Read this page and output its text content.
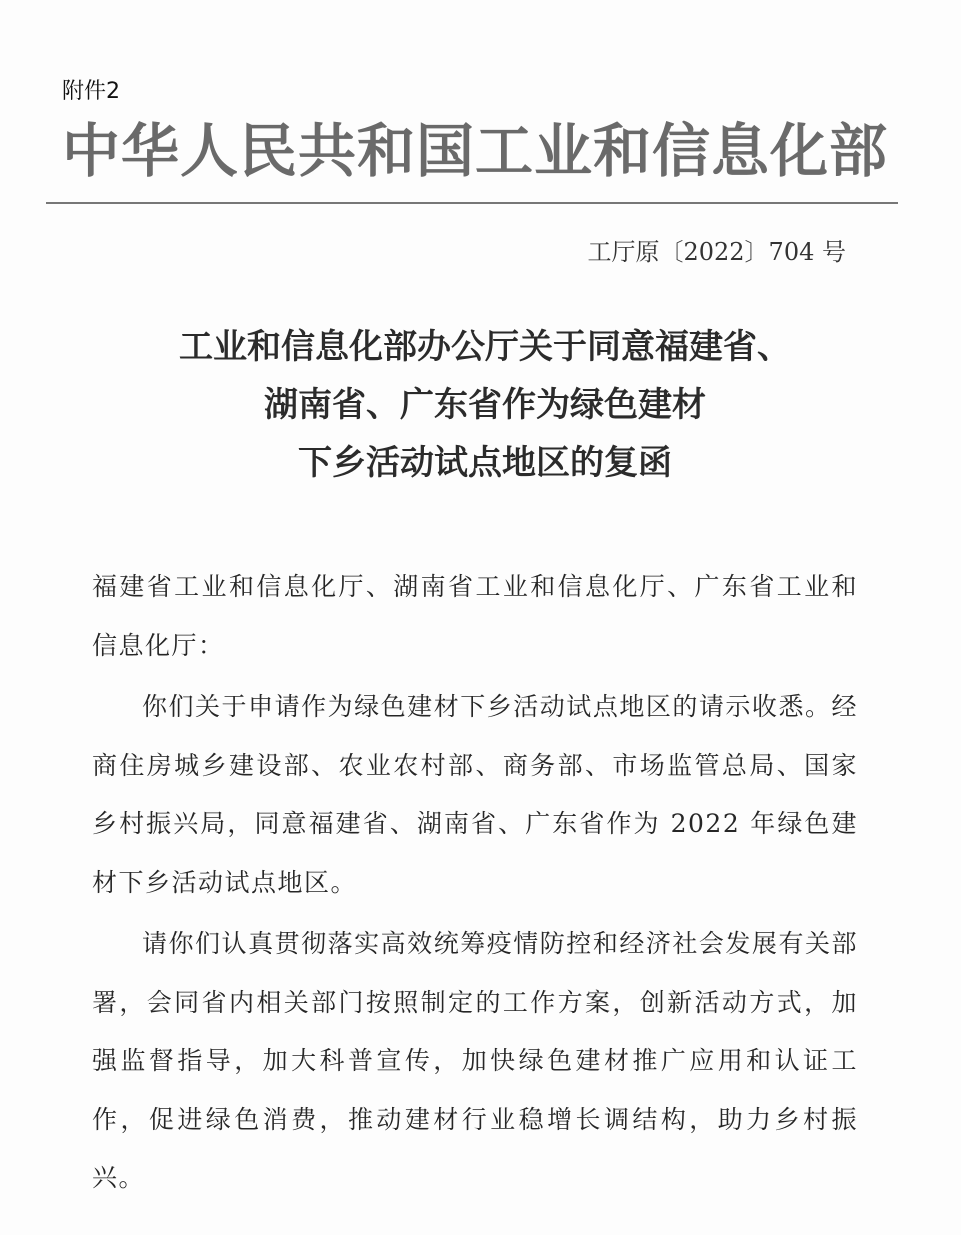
附件2
中华人民共和国工业和信息化部
工厅原〔2022〕704 号
工业和信息化部办公厅关于同意福建省、
湖南省、广东省作为绿色建材
下乡活动试点地区的复函

福建省工业和信息化厅、湖南省工业和信息化厅、广东省工业和信息化厅：

你们关于申请作为绿色建材下乡活动试点地区的请示收悉。经商住房城乡建设部、农业农村部、商务部、市场监管总局、国家乡村振兴局，同意福建省、湖南省、广东省作为 2022 年绿色建材下乡活动试点地区。

请你们认真贯彻落实高效统筹疫情防控和经济社会发展有关部署，会同省内相关部门按照制定的工作方案，创新活动方式，加强监督指导，加大科普宣传，加快绿色建材推广应用和认证工作，促进绿色消费，推动建材行业稳增长调结构，助力乡村振兴。
